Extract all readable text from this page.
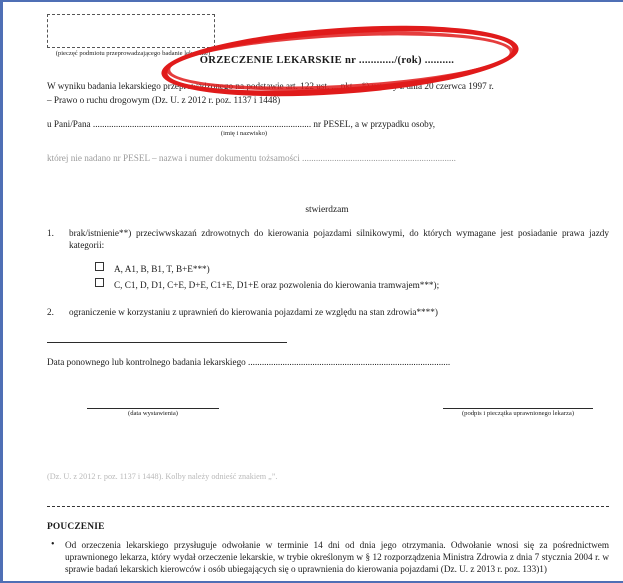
(pieczęć podmiotu przeprowadzającego badanie lekarskie)
ORZECZENIE LEKARSKIE nr ............/(rok) ..........
W wyniku badania lekarskiego przeprowadzonego na podstawie art. 122 ust. ... pkt ...*) ustawy z dnia 20 czerwca 1997 r.
– Prawo o ruchu drogowym (Dz. U. z 2012 r. poz. 1137 i 1448)
u Pani/Pana ............................................................................................... nr PESEL, a w przypadku osoby,
(imię i nazwisko)
której nie nadano nr PESEL – nazwa i numer dokumentu tożsamości ...................................................................
stwierdzam
1.	brak/istnienie**) przeciwwskazań zdrowotnych do kierowania pojazdami silnikowymi, do których wymagane jest posiadanie prawa jazdy kategorii:
A, A1, B, B1, T, B+E***)
C, C1, D, D1, C+E, D+E, C1+E, D1+E oraz pozwolenia do kierowania tramwajem***);
2.	ograniczenie w korzystaniu z uprawnień do kierowania pojazdami ze względu na stan zdrowia****)
Data ponownego lub kontrolnego badania lekarskiego ........................................................................................
(data wystawienia)	(podpis i pieczątka uprawnionego lekarza)
(Dz. U. z 2012 r. poz. 1137 i 1448). Kolby należy odnieść znakiem „”.
POUCZENIE
• Od orzeczenia lekarskiego przysługuje odwołanie w terminie 14 dni od dnia jego otrzymania. Odwołanie wnosi się za pośrednictwem uprawnionego lekarza, który wydał orzeczenie lekarskie, w trybie określonym w § 12 rozporządzenia Ministra Zdrowia z dnia 7 stycznia 2004 r. w sprawie badań lekarskich kierowców i osób ubiegających się o uprawnienia do kierowania pojazdami (Dz. U. z 2013 r. poz. 133)1)
